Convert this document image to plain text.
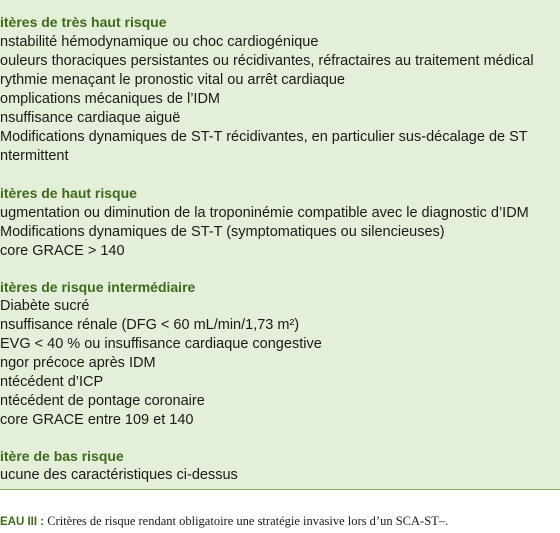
itères de très haut risque
nstabilité hémodynamique ou choc cardiogénique
ouleurs thoraciques persistantes ou récidivantes, réfractaires au traitement médical
rythmie menaçant le pronostic vital ou arrêt cardiaque
omplications mécaniques de l’IDM
nsuffisance cardiaque aiguë
Modifications dynamiques de ST-T récidivantes, en particulier sus-décalage de ST
ntermittent
itères de haut risque
ugmentation ou diminution de la troponinémie compatible avec le diagnostic d’IDM
Modifications dynamiques de ST-T (symptomatiques ou silencieuses)
core GRACE > 140
itères de risque intermédiaire
Diabète sucré
nsuffisance rénale (DFG < 60 mL/min/1,73 m²)
EVG < 40 % ou insuffisance cardiaque congestive
ngor précoce après IDM
ntécédent d’ICP
ntécédent de pontage coronaire
core GRACE entre 109 et 140
itère de bas risque
ucune des caractéristiques ci-dessus
EAU III : Critères de risque rendant obligatoire une stratégie invasive lors d’un SCA-ST–.
